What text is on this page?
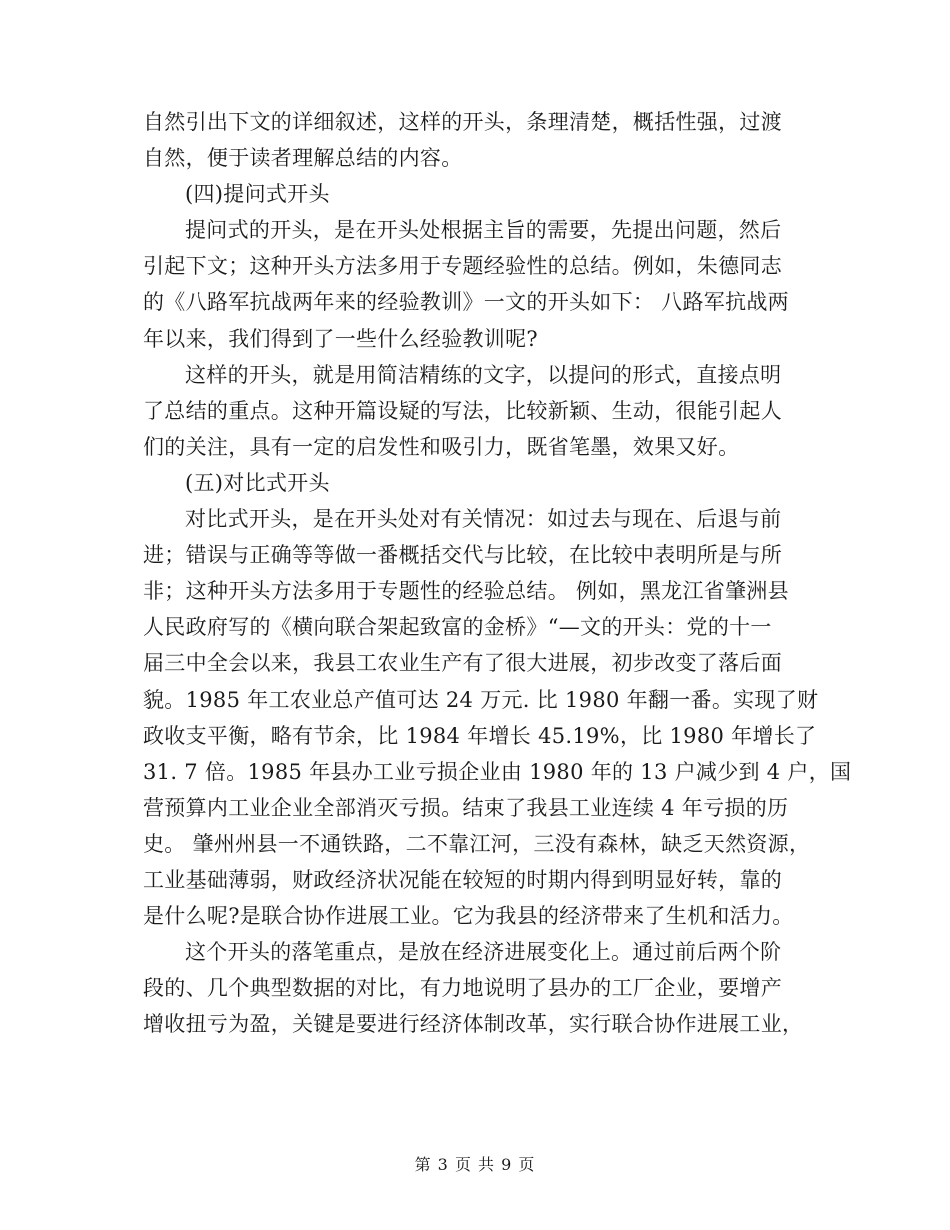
自然引出下文的详细叙述，这样的开头，条理清楚，概括性强，过渡
自然，便于读者理解总结的内容。
(四)提问式开头
提问式的开头，是在开头处根据主旨的需要，先提出问题，然后
引起下文；这种开头方法多用于专题经验性的总结。例如，朱德同志
的《八路军抗战两年来的经验教训》一文的开头如下： 八路军抗战两
年以来，我们得到了一些什么经验教训呢?
这样的开头，就是用简洁精练的文字，以提问的形式，直接点明
了总结的重点。这种开篇设疑的写法，比较新颖、生动，很能引起人
们的关注，具有一定的启发性和吸引力，既省笔墨，效果又好。
(五)对比式开头
对比式开头，是在开头处对有关情况：如过去与现在、后退与前
进；错误与正确等等做一番概括交代与比较，在比较中表明所是与所
非；这种开头方法多用于专题性的经验总结。 例如，黑龙江省肇洲县
人民政府写的《横向联合架起致富的金桥》“—文的开头：党的十一
届三中全会以来，我县工农业生产有了很大进展，初步改变了落后面
貌。1985 年工农业总产值可达 24 万元. 比 1980 年翻一番。实现了财
政收支平衡，略有节余，比 1984 年增长 45.19%，比 1980 年增长了
31. 7 倍。1985 年县办工业亏损企业由 1980 年的 13 户减少到 4 户，国
营预算内工业企业全部消灭亏损。结束了我县工业连续 4 年亏损的历
史。 肇州州县一不通铁路，二不靠江河，三没有森林，缺乏天然资源，
工业基础薄弱，财政经济状况能在较短的时期内得到明显好转，靠的
是什么呢?是联合协作进展工业。它为我县的经济带来了生机和活力。
这个开头的落笔重点，是放在经济进展变化上。通过前后两个阶
段的、几个典型数据的对比，有力地说明了县办的工厂企业，要增产
增收扭亏为盈，关键是要进行经济体制改革，实行联合协作进展工业，
第 3 页 共 9 页
